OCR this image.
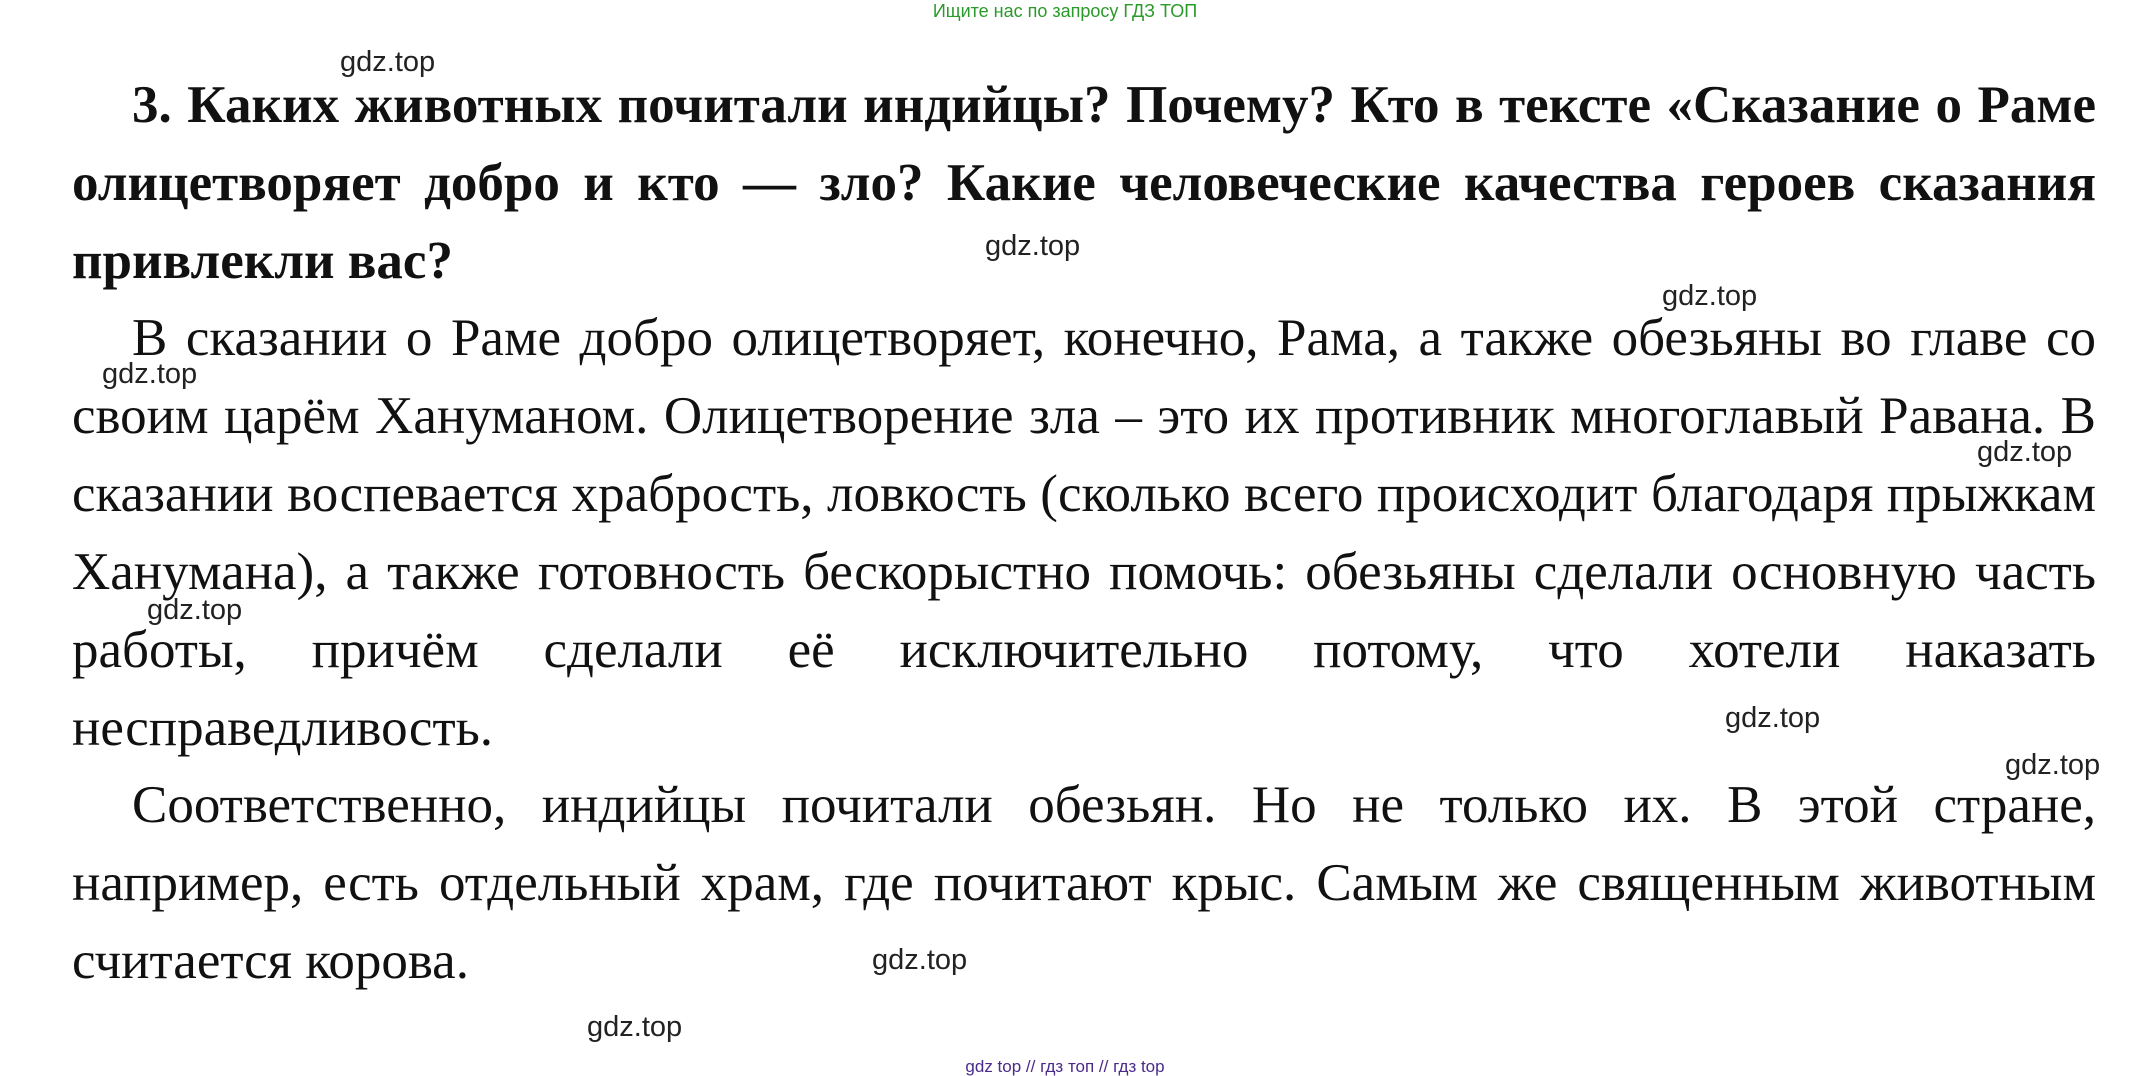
Ищите нас по запросу ГДЗ ТОП

3. Каких животных почитали индийцы? Почему? Кто в тексте «Сказание о Раме олицетворяет добро и кто — зло? Какие человеческие качества героев сказания привлекли вас?

В сказании о Раме добро олицетворяет, конечно, Рама, а также обезьяны во главе со своим царём Хануманом. Олицетворение зла – это их противник многоглавый Равана. В сказании воспевается храбрость, ловкость (сколько всего происходит благодаря прыжкам Ханумана), а также готовность бескорыстно помочь: обезьяны сделали основную часть работы, причём сделали её исключительно потому, что хотели наказать несправедливость.

Соответственно, индийцы почитали обезьян. Но не только их. В этой стране, например, есть отдельный храм, где почитают крыс. Самым же священным животным считается корова.

gdz.top
gdz.top
gdz.top
gdz.top
gdz.top
gdz.top
gdz.top
gdz.top
gdz.top
gdz.top
gdz top // гдз топ // гдз top
